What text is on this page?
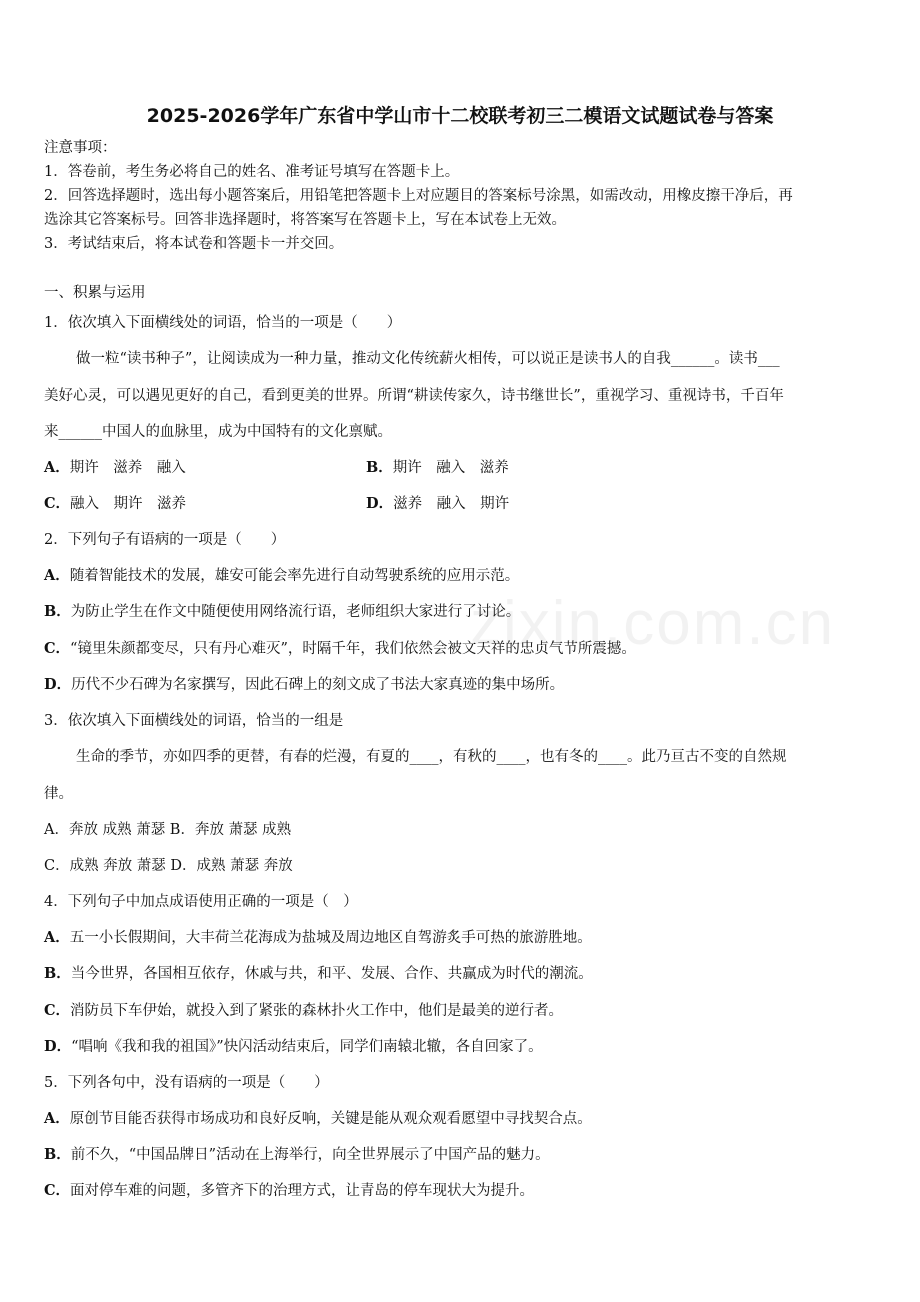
zixin.com.cn
2025-2026学年广东省中学山市十二校联考初三二模语文试题试卷与答案
注意事项：
1．答卷前，考生务必将自己的姓名、准考证号填写在答题卡上。
2．回答选择题时，选出每小题答案后，用铅笔把答题卡上对应题目的答案标号涂黑，如需改动，用橡皮擦干净后，再
选涂其它答案标号。回答非选择题时，将答案写在答题卡上，写在本试卷上无效。
3．考试结束后，将本试卷和答题卡一并交回。
一、积累与运用
1．依次填入下面横线处的词语，恰当的一项是（　　）
做一粒“读书种子”，让阅读成为一种力量，推动文化传统薪火相传，可以说正是读书人的自我______。读书___
美好心灵，可以遇见更好的自己，看到更美的世界。所谓“耕读传家久，诗书继世长”，重视学习、重视诗书，千百年
来______中国人的血脉里，成为中国特有的文化禀赋。
A．期许　滋养　融入	B．期许　融入　滋养
C．融入　期许　滋养	D．滋养　融入　期许
2．下列句子有语病的一项是（　　）
A．随着智能技术的发展，雄安可能会率先进行自动驾驶系统的应用示范。
B．为防止学生在作文中随便使用网络流行语，老师组织大家进行了讨论。
C．“镜里朱颜都变尽，只有丹心难灭”，时隔千年，我们依然会被文天祥的忠贞气节所震撼。
D．历代不少石碑为名家撰写，因此石碑上的刻文成了书法大家真迹的集中场所。
3．依次填入下面横线处的词语，恰当的一组是
生命的季节，亦如四季的更替，有春的烂漫，有夏的____，有秋的____，也有冬的____。此乃亘古不变的自然规
律。
A．奔放 成熟 萧瑟 B．奔放 萧瑟 成熟
C．成熟 奔放 萧瑟 D．成熟 萧瑟 奔放
4．下列句子中加点成语使用正确的一项是（　）
A．五一小长假期间，大丰荷兰花海成为盐城及周边地区自驾游炙手可热的旅游胜地。
B．当今世界，各国相互依存，休戚与共，和平、发展、合作、共赢成为时代的潮流。
C．消防员下车伊始，就投入到了紧张的森林扑火工作中，他们是最美的逆行者。
D．“唱响《我和我的祖国》”快闪活动结束后，同学们南辕北辙，各自回家了。
5．下列各句中，没有语病的一项是（　　）
A．原创节目能否获得市场成功和良好反响，关键是能从观众观看愿望中寻找契合点。
B．前不久，“中国品牌日”活动在上海举行，向全世界展示了中国产品的魅力。
C．面对停车难的问题，多管齐下的治理方式，让青岛的停车现状大为提升。
